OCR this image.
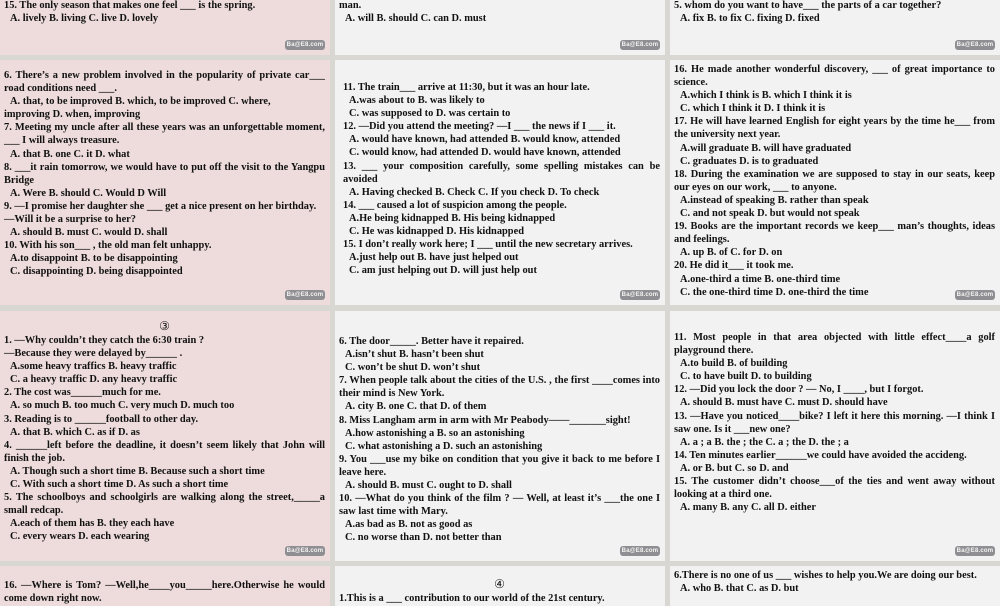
15. The only season that makes one feel ___ is the spring.

A. lively B. living C. live D. lovely

Ba@E8.com

man.

A. will B. should C. can D. must

Ba@E8.com

5. whom do you want to have___ the parts of a car together?

A. fix B. to fix C. fixing D. fixed

Ba@E8.com

6. There’s a new problem involved in the popularity of private car___ road conditions need ___.

A. that, to be improved B. which, to be improved C. where,

improving D. when, improving

7. Meeting my uncle after all these years was an unforgettable moment, ___ I will always treasure.

A. that B. one C. it D. what

8. ___it rain tomorrow, we would have to put off the visit to the Yangpu Bridge

A. Were B. should C. Would D Will

9. —I promise her daughter she ___ get a nice present on her birthday.

—Will it be a surprise to her?

A. should B. must C. would D. shall

10. With his son___ , the old man felt unhappy.

A.to disappoint B. to be disappointing

C. disappointing D. being disappointed

Ba@E8.com

11. The train___ arrive at 11:30, but it was an hour late.

A.was about to B. was likely to

C. was supposed to D. was certain to

12. —Did you attend the meeting? —I ___ the news if I ___ it.

A. would have known, had attended B. would know, attended

C. would know, had attended D. would have known, attended

13. ___ your composition carefully, some spelling mistakes can be avoided

A. Having checked B. Check C. If you check D. To check

14. ___ caused a lot of suspicion among the people.

A.He being kidnapped B. His being kidnapped

C. He was kidnapped D. His kidnapped

15. I don’t really work here; I ___ until the new secretary arrives.

A.just help out B. have just helped out

C. am just helping out D. will just help out

Ba@E8.com

16. He made another wonderful discovery, ___ of great importance to science.

A.which I think is B. which I think it is

C. which I think it D. I think it is

17. He will have learned English for eight years by the time he___ from the university next year.

A.will graduate B. will have graduated

C. graduates D. is to graduated

18. During the examination we are supposed to stay in our seats, keep our eyes on our work, ___ to anyone.

A.instead of speaking B. rather than speak

C. and not speak D. but would not speak

19. Books are the important records we keep___ man’s thoughts, ideas and feelings.

A. up B. of C. for D. on

20. He did it___ it took me.

A.one-third a time B. one-third time

C. the one-third time D. one-third the time	Ba@E8.com
③

1. —Why couldn’t they catch the 6:30 train ?

—Because they were delayed by______ .

A.some heavy traffics B. heavy traffic

C. a heavy traffic D. any heavy traffic

2. The cost was______much for me.

A. so much B. too much C. very much D. much too

3. Reading is to ______football to other day.

A. that B. which C. as if D. as

4. ______left before the deadline, it doesn’t seem likely that John will finish the job.

A. Though such a short time B. Because such a short time

C. With such a short time D. As such a short time

5. The schoolboys and schoolgirls are walking along the street,_____a small redcap.

A.each of them has B. they each have

C. every wears D. each wearing

Ba@E8.com

6. The door_____. Better have it repaired.

A.isn’t shut B. hasn’t been shut

C. won’t be shut D. won’t shut

7. When people talk about the cities of the U.S. , the first ____comes into their mind is New York.

A. city B. one C. that D. of them

8. Miss Langham arm in arm with Mr Peabody——_______sight!

A.how astonishing a B. so an astonishing

C. what astonishing a D. such an astonishing

9. You ___use my bike on condition that you give it back to me before I leave here.

A. should B. must C. ought to D. shall

10. —What do you think of the film ? — Well, at least it’s ___the one I saw last time with Mary.

A.as bad as B. not as good as

C. no worse than D. not better than

Ba@E8.com

11. Most people in that area objected with little effect____a golf playground there.

A.to build B. of building

C. to have built D. to building

12. —Did you lock the door ? — No, I ____, but I forgot.

A. should B. must have C. must D. should have

13. —Have you noticed____bike? I left it here this morning. —I think I saw one. Is it ___new one?

A. a ; a B. the ; the C. a ; the D. the ; a

14. Ten minutes earlier______we could have avoided the accideng.

A. or B. but C. so D. and

15. The customer didn’t choose___of the ties and went away without looking at a third one.

A. many B. any C. all D. either

Ba@E8.com

16. —Where is Tom? —Well,he____you_____here.Otherwise he would come down right now.

④

1.This is a ___ contribution to our world of the 21st century.

6.There is no one of us ___ wishes to help you.We are doing our best.

A. who B. that C. as D. but
